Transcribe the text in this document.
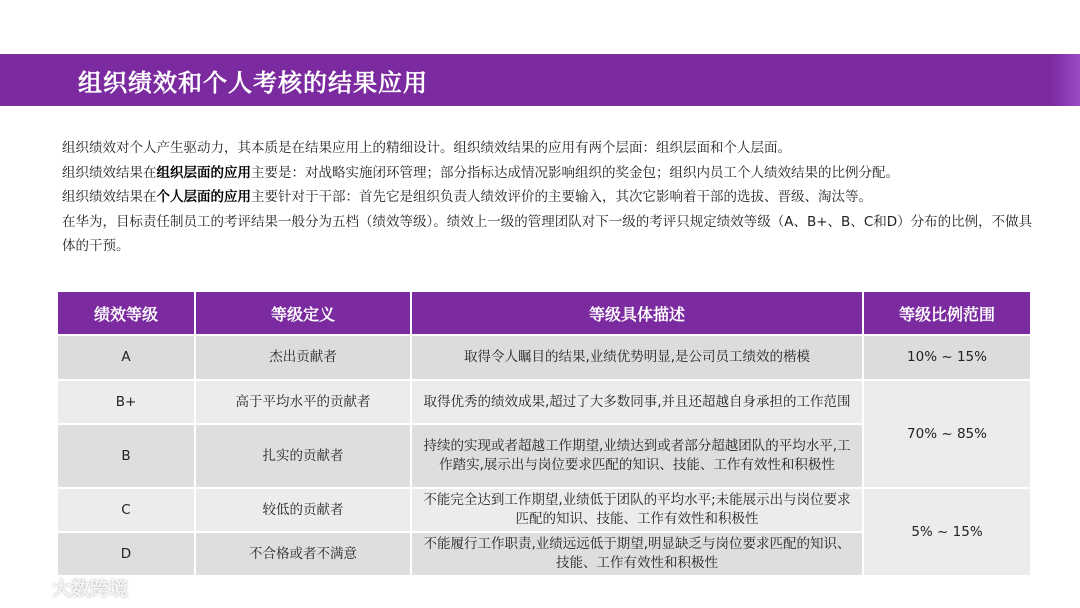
组织绩效和个人考核的结果应用

组织绩效对个人产生驱动力，其本质是在结果应用上的精细设计。组织绩效结果的应用有两个层面：组织层面和个人层面。

组织绩效结果在组织层面的应用主要是：对战略实施闭环管理；部分指标达成情况影响组织的奖金包；组织内员工个人绩效结果的比例分配。

组织绩效结果在个人层面的应用主要针对于干部：首先它是组织负责人绩效评价的主要输入，其次它影响着干部的选拔、晋级、淘汰等。

在华为，目标责任制员工的考评结果一般分为五档（绩效等级）。绩效上一级的管理团队对下一级的考评只规定绩效等级（A、B+、B、C和D）分布的比例，不做具体的干预。

绩效等级	等级定义	等级具体描述	等级比例范围
A	杰出贡献者	取得令人瞩目的结果,业绩优势明显,是公司员工绩效的楷模	10% ~ 15%
B+	高于平均水平的贡献者	取得优秀的绩效成果,超过了大多数同事,并且还超越自身承担的工作范围	70% ~ 85%
B	扎实的贡献者	持续的实现或者超越工作期望,业绩达到或者部分超越团队的平均水平,工作踏实,展示出与岗位要求匹配的知识、技能、工作有效性和积极性	
C	较低的贡献者	不能完全达到工作期望,业绩低于团队的平均水平;未能展示出与岗位要求匹配的知识、技能、工作有效性和积极性	5% ~ 15%
D	不合格或者不满意	不能履行工作职责,业绩远远低于期望,明显缺乏与岗位要求匹配的知识、技能、工作有效性和积极性	
大数跨境
